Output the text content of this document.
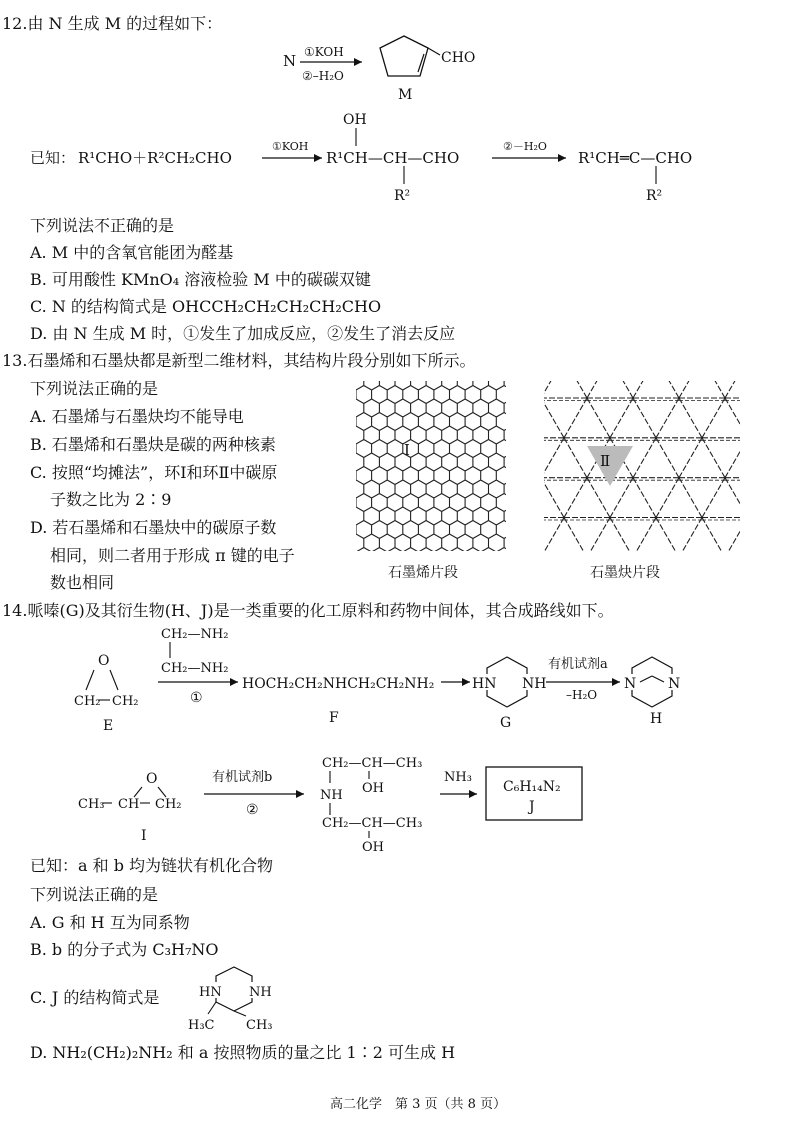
12.由 N 生成 M 的过程如下：
N ①KOH
②–H₂O
CHO
M
已知： R¹CHO＋R²CH₂CHO
①KOH
OH
R¹CH—CH—CHO
R²
②－H₂O
R¹CH═C—CHO
R²
下列说法不正确的是
A. M 中的含氧官能团为醛基
B. 可用酸性 KMnO₄ 溶液检验 M 中的碳碳双键
C. N 的结构简式是 OHCCH₂CH₂CH₂CH₂CHO
D. 由 N 生成 M 时，①发生了加成反应，②发生了消去反应
13.石墨烯和石墨炔都是新型二维材料，其结构片段分别如下所示。
下列说法正确的是
A. 石墨烯与石墨炔均不能导电
B. 石墨烯和石墨炔是碳的两种核素
C. 按照“均摊法”，环Ⅰ和环Ⅱ中碳原
子数之比为 2∶9
D. 若石墨烯和石墨炔中的碳原子数
相同，则二者用于形成 π 键的电子
数也相同
Ⅰ
Ⅱ
石墨烯片段	石墨炔片段
14.哌嗪(G)及其衍生物(H、J)是一类重要的化工原料和药物中间体，其合成路线如下。
O
CH₂ CH₂
E
CH₂—NH₂
CH₂—NH₂
①
HOCH₂CH₂NHCH₂CH₂NH₂
F
HN NH
G
有机试剂a
–H₂O
N N
H
O
CH₃ CH CH₂
I
有机试剂b
②
CH₂—CH—CH₃
OH
NH
CH₂—CH—CH₃
OH
NH₃
C₆H₁₄N₂
J
已知：a 和 b 均为链状有机化合物
下列说法正确的是
A. G 和 H 互为同系物
B. b 的分子式为 C₃H₇NO
C. J 的结构简式是	HN NH
H₃C CH₃
D. NH₂(CH₂)₂NH₂ 和 a 按照物质的量之比 1∶2 可生成 H
高二化学　第 3 页（共 8 页）
